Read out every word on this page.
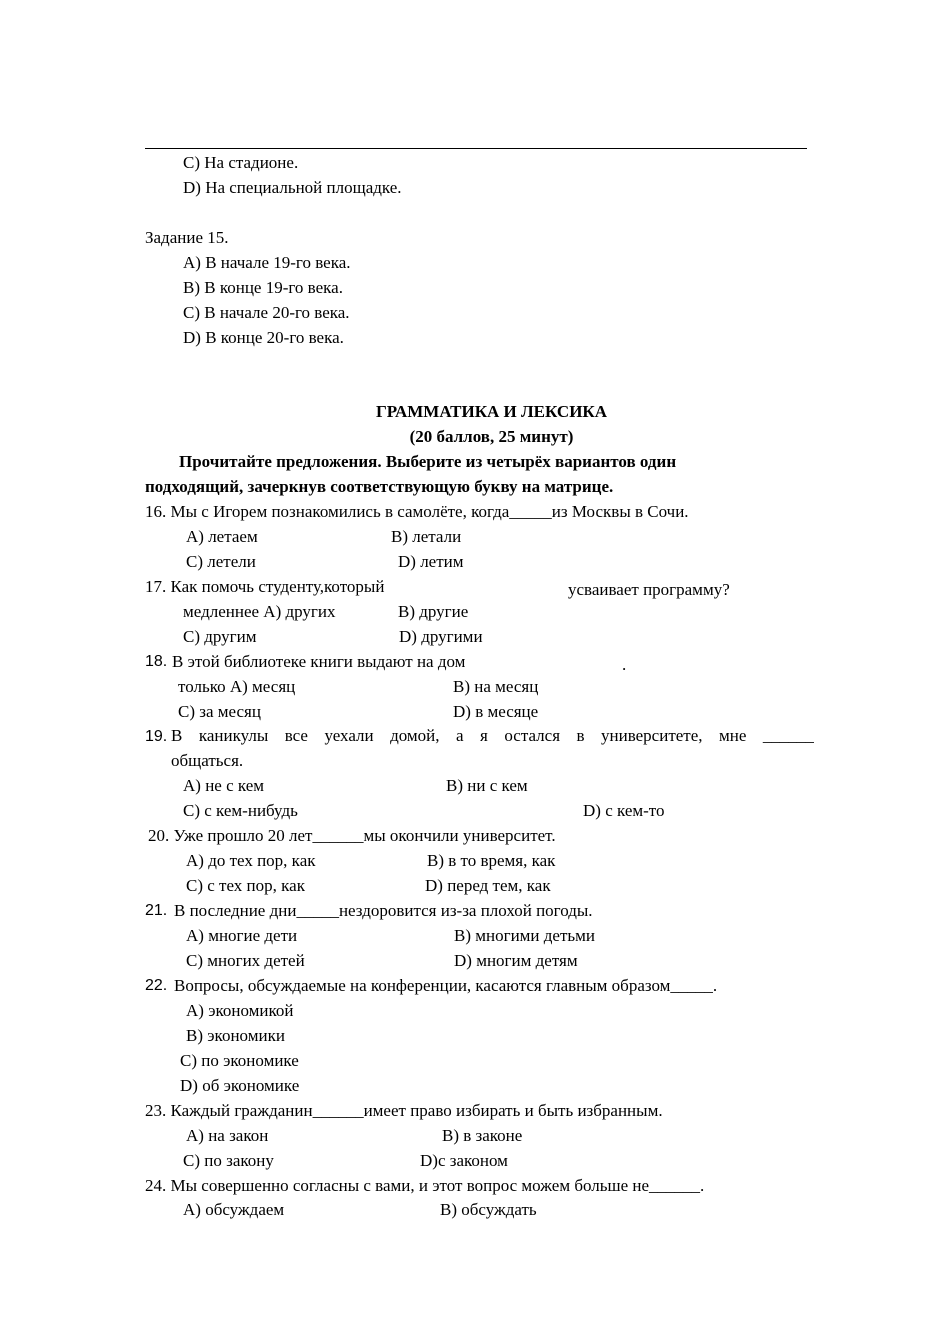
C) На стадионе.
D) На специальной площадке.
Задание 15.
A) В начале 19-го века.
B) В конце 19-го века.
C) В начале 20-го века.
D) В конце 20-го века.
ГРАММАТИКА И ЛЕКСИКА
(20 баллов, 25 минут)
Прочитайте предложения. Выберите из четырёх вариантов один
подходящий, зачеркнув соответствующую букву на матрице.
16. Мы с Игорем познакомились в самолёте, когда_____из Москвы в Сочи.
A) летаем	B) летали
C) летели	D) летим
17. Как помочь студенту,который	усваивает программу?
медленнее A) других	B) другие
C) другим	D) другими
18. В этой библиотеке книги выдают на дом	.
только A) месяц	B) на месяц
C) за месяц	D) в месяце
19. В каникулы все уехали домой, а я остался в университете, мне ______
общаться.
A) не с кем	B) ни с кем
C) с кем-нибудь	D) с кем-то
20. Уже прошло 20 лет______мы окончили университет.
A) до тех пор, как	B) в то время, как
C) с тех пор, как	D) перед тем, как
21. В последние дни_____нездоровится из-за плохой погоды.
A) многие дети	B) многими детьми
C) многих детей	D) многим детям
22. Вопросы, обсуждаемые на конференции, касаются главным образом_____.
A) экономикой
B) экономики
C) по экономике
D) об экономике
23. Каждый гражданин______имеет право избирать и быть избранным.
A) на закон	B) в законе
C) по закону	D)с законом
24. Мы совершенно согласны с вами, и этот вопрос можем больше не______.
A) обсуждаем	B) обсуждать
